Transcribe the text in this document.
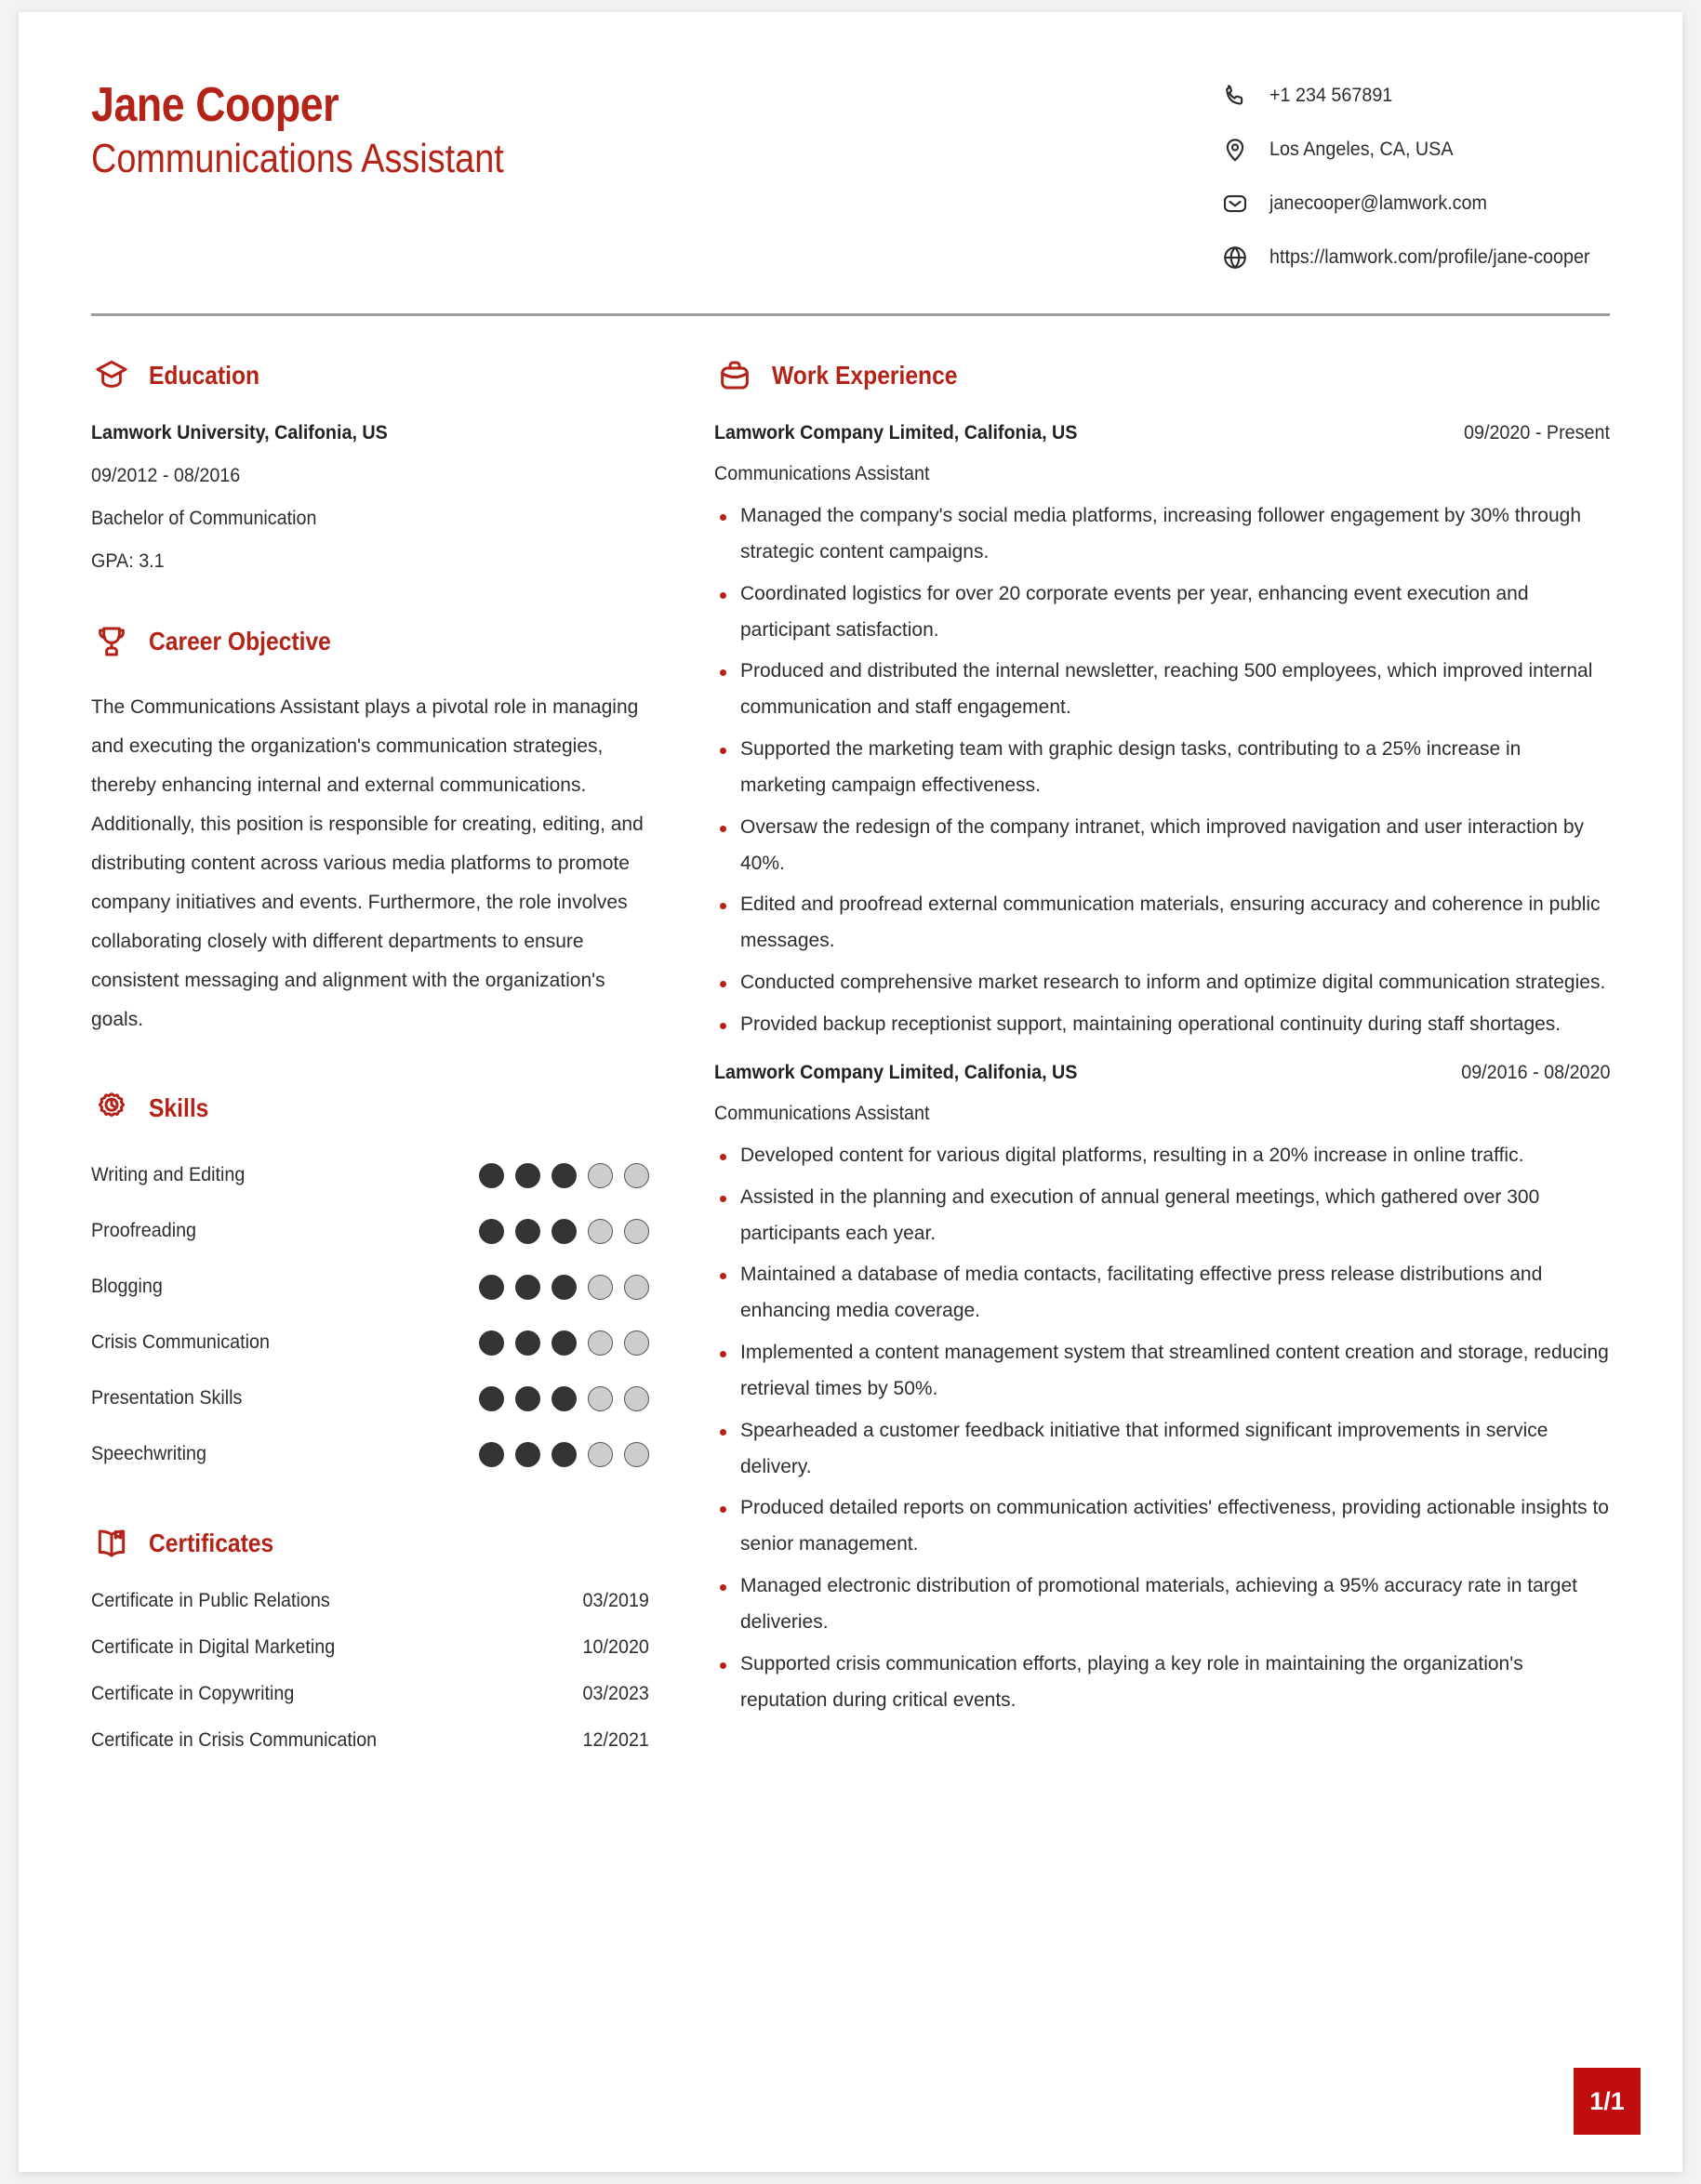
Jane Cooper
Communications Assistant
+1 234 567891
Los Angeles, CA, USA
janecooper@lamwork.com
https://lamwork.com/profile/jane-cooper
Education
Lamwork University, Califonia, US
09/2012 - 08/2016
Bachelor of Communication
GPA: 3.1
Career Objective
The Communications Assistant plays a pivotal role in managing and executing the organization's communication strategies, thereby enhancing internal and external communications. Additionally, this position is responsible for creating, editing, and distributing content across various media platforms to promote company initiatives and events. Furthermore, the role involves collaborating closely with different departments to ensure consistent messaging and alignment with the organization's goals.
Skills
Writing and Editing
Proofreading
Blogging
Crisis Communication
Presentation Skills
Speechwriting
Certificates
Certificate in Public Relations	03/2019
Certificate in Digital Marketing	10/2020
Certificate in Copywriting	03/2023
Certificate in Crisis Communication	12/2021
Work Experience
Lamwork Company Limited, Califonia, US	09/2020 - Present
Communications Assistant
Managed the company's social media platforms, increasing follower engagement by 30% through strategic content campaigns.
Coordinated logistics for over 20 corporate events per year, enhancing event execution and participant satisfaction.
Produced and distributed the internal newsletter, reaching 500 employees, which improved internal communication and staff engagement.
Supported the marketing team with graphic design tasks, contributing to a 25% increase in marketing campaign effectiveness.
Oversaw the redesign of the company intranet, which improved navigation and user interaction by 40%.
Edited and proofread external communication materials, ensuring accuracy and coherence in public messages.
Conducted comprehensive market research to inform and optimize digital communication strategies.
Provided backup receptionist support, maintaining operational continuity during staff shortages.
Lamwork Company Limited, Califonia, US	09/2016 - 08/2020
Communications Assistant
Developed content for various digital platforms, resulting in a 20% increase in online traffic.
Assisted in the planning and execution of annual general meetings, which gathered over 300 participants each year.
Maintained a database of media contacts, facilitating effective press release distributions and enhancing media coverage.
Implemented a content management system that streamlined content creation and storage, reducing retrieval times by 50%.
Spearheaded a customer feedback initiative that informed significant improvements in service delivery.
Produced detailed reports on communication activities' effectiveness, providing actionable insights to senior management.
Managed electronic distribution of promotional materials, achieving a 95% accuracy rate in target deliveries.
Supported crisis communication efforts, playing a key role in maintaining the organization's reputation during critical events.
1/1
